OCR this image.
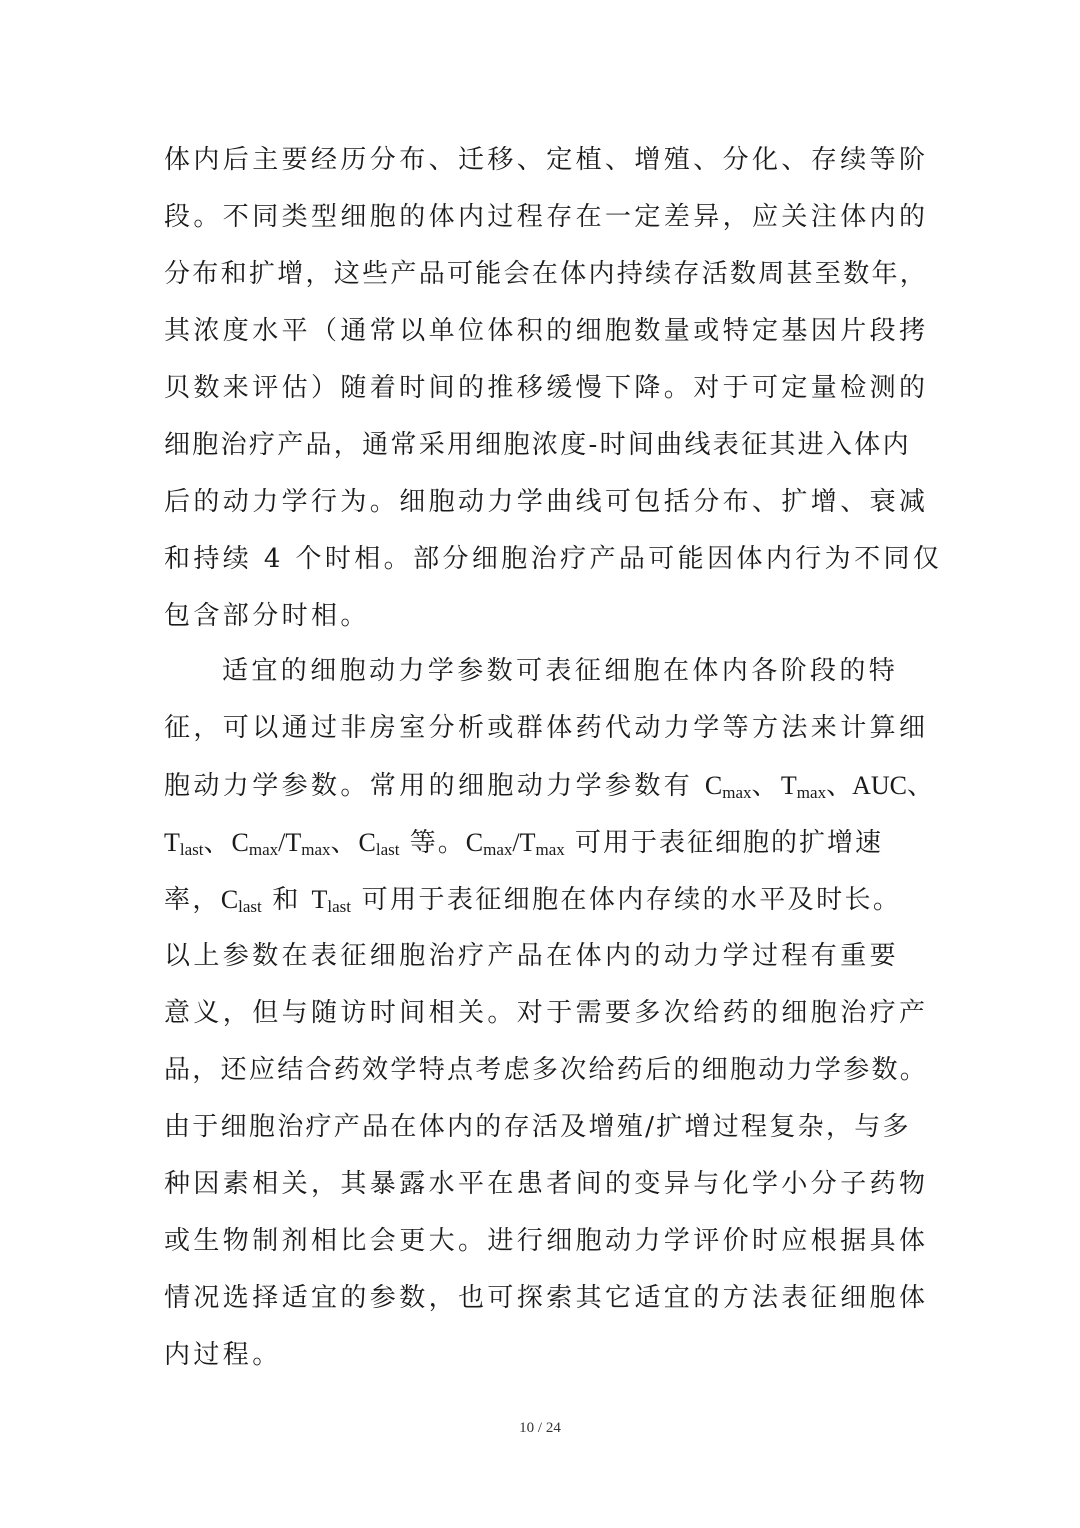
体内后主要经历分布、迁移、定植、增殖、分化、存续等阶
段。不同类型细胞的体内过程存在一定差异，应关注体内的
分布和扩增，这些产品可能会在体内持续存活数周甚至数年，
其浓度水平（通常以单位体积的细胞数量或特定基因片段拷
贝数来评估）随着时间的推移缓慢下降。对于可定量检测的
细胞治疗产品，通常采用细胞浓度-时间曲线表征其进入体内
后的动力学行为。细胞动力学曲线可包括分布、扩增、衰减
和持续 4 个时相。部分细胞治疗产品可能因体内行为不同仅
包含部分时相。
适宜的细胞动力学参数可表征细胞在体内各阶段的特
征，可以通过非房室分析或群体药代动力学等方法来计算细
胞动力学参数。常用的细胞动力学参数有 $C_{max}$、$T_{max}$、AUC、
$T_{last}$、$C_{max}/T_{max}$、$C_{last}$ 等。$C_{max}/T_{max}$ 可用于表征细胞的扩增速
率，$C_{last}$ 和 $T_{last}$ 可用于表征细胞在体内存续的水平及时长。
以上参数在表征细胞治疗产品在体内的动力学过程有重要
意义，但与随访时间相关。对于需要多次给药的细胞治疗产
品，还应结合药效学特点考虑多次给药后的细胞动力学参数。
由于细胞治疗产品在体内的存活及增殖/扩增过程复杂，与多
种因素相关，其暴露水平在患者间的变异与化学小分子药物
或生物制剂相比会更大。进行细胞动力学评价时应根据具体
情况选择适宜的参数，也可探索其它适宜的方法表征细胞体
内过程。
10 / 24
